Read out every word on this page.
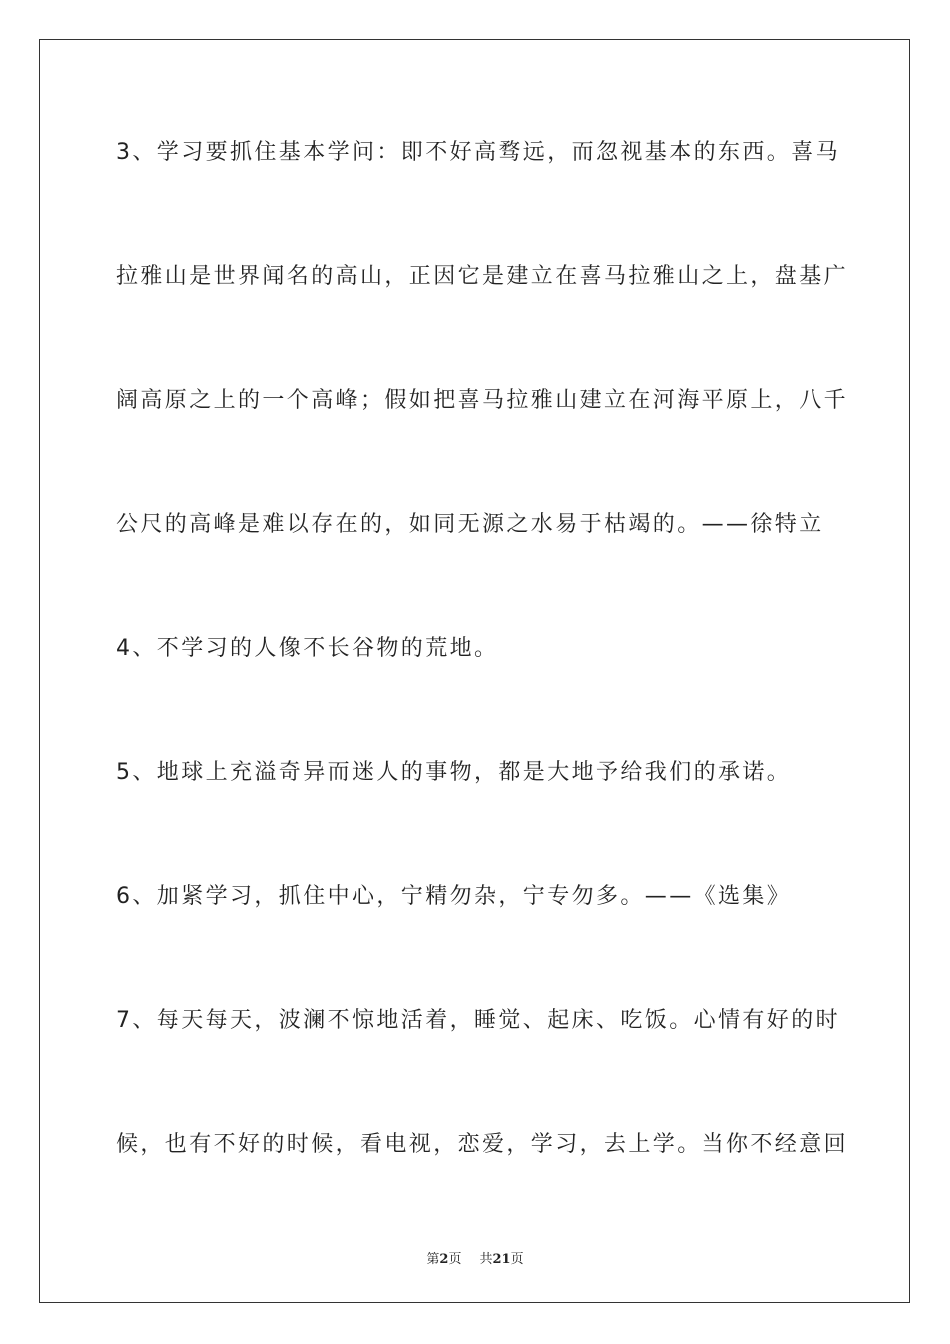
3、学习要抓住基本学问：即不好高骛远，而忽视基本的东西。喜马
拉雅山是世界闻名的高山，正因它是建立在喜马拉雅山之上，盘基广
阔高原之上的一个高峰；假如把喜马拉雅山建立在河海平原上，八千
公尺的高峰是难以存在的，如同无源之水易于枯竭的。——徐特立
4、不学习的人像不长谷物的荒地。
5、地球上充溢奇异而迷人的事物，都是大地予给我们的承诺。
6、加紧学习，抓住中心，宁精勿杂，宁专勿多。——《选集》
7、每天每天，波澜不惊地活着，睡觉、起床、吃饭。心情有好的时
候，也有不好的时候，看电视，恋爱，学习，去上学。当你不经意回
第2页 共21页
